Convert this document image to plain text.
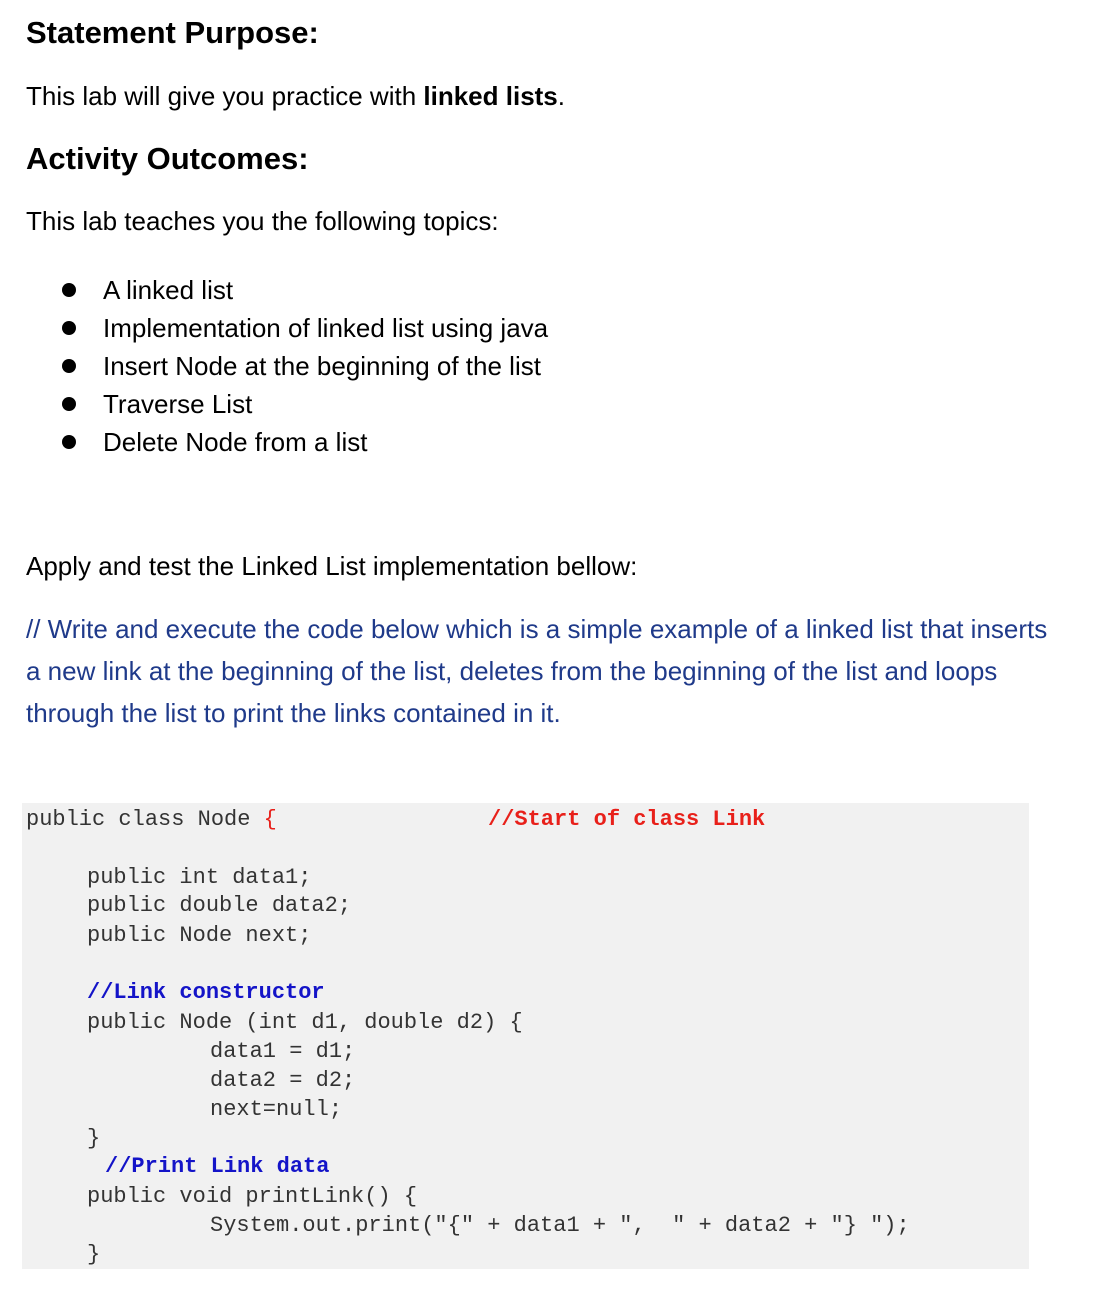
Statement Purpose:

This lab will give you practice with linked lists.

Activity Outcomes:

This lab teaches you the following topics:

A linked list
Implementation of linked list using java
Insert Node at the beginning of the list
Traverse List
Delete Node from a list

Apply and test the Linked List implementation bellow:

// Write and execute the code below which is a simple example of a linked list that inserts a new link at the beginning of the list, deletes from the beginning of the list and loops through the list to print the links contained in it.

public class Node {	//Start of class Link
public int data1;
public double data2;
public Node next;
//Link constructor
public Node (int d1, double d2) {
data1 = d1;
data2 = d2;
next=null;
}
//Print Link data
public void printLink() {
System.out.print("{" + data1 + ",  " + data2 + "} ");
}
